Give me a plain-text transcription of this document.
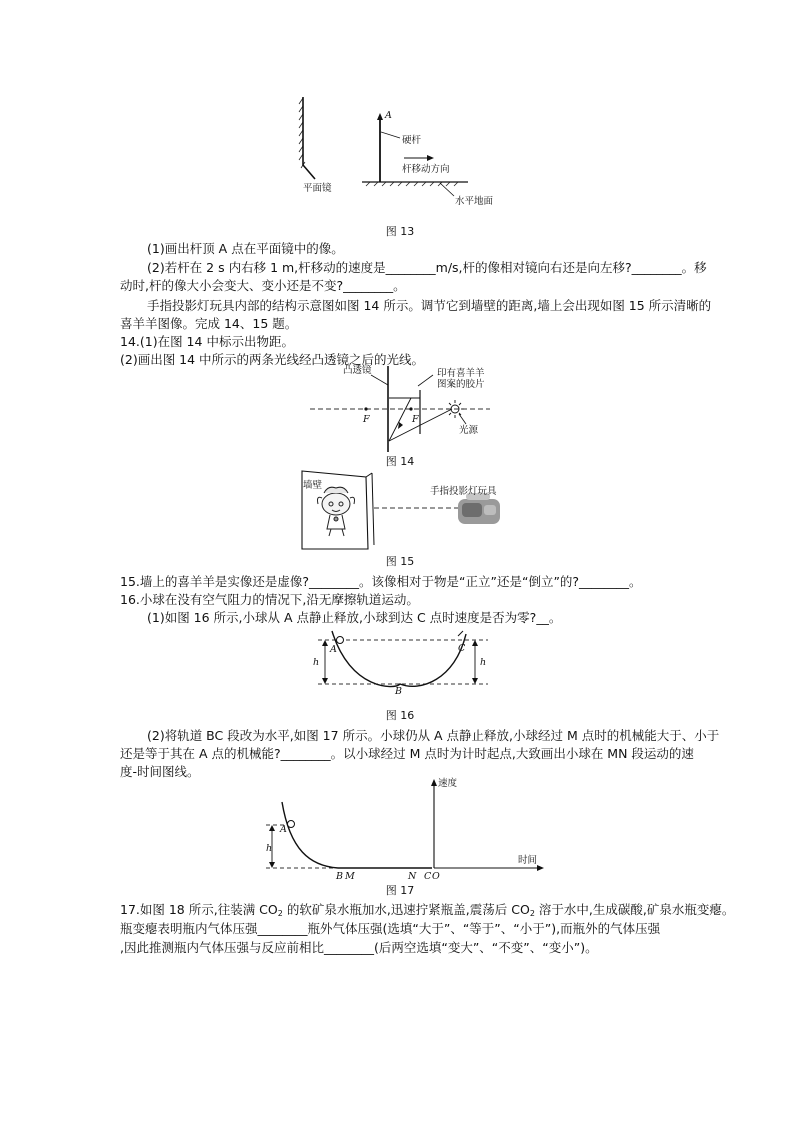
A
硬杆
杆移动方向
平面镜
水平地面
图 13
(1)画出杆顶 A 点在平面镜中的像。
(2)若杆在 2 s 内右移 1 m,杆移动的速度是________m/s,杆的像相对镜向右还是向左移?________。移
动时,杆的像大小会变大、变小还是不变?________。
手指投影灯玩具内部的结构示意图如图 14 所示。调节它到墙壁的距离,墙上会出现如图 15 所示清晰的
喜羊羊图像。完成 14、15 题。
14.(1)在图 14 中标示出物距。
(2)画出图 14 中所示的两条光线经凸透镜之后的光线。
凸透镜	印有喜羊羊
图案的胶片
F	F
光源
图 14
墙壁
手指投影灯玩具
图 15
15.墙上的喜羊羊是实像还是虚像?________。该像相对于物是“正立”还是“倒立”的?________。
16.小球在没有空气阻力的情况下,沿无摩擦轨道运动。
(1)如图 16 所示,小球从 A 点静止释放,小球到达 C 点时速度是否为零?__。
A
B
C
h	h
图 16
(2)将轨道 BC 段改为水平,如图 17 所示。小球仍从 A 点静止释放,小球经过 M 点时的机械能大于、小于
还是等于其在 A 点的机械能?________。以小球经过 M 点时为计时起点,大致画出小球在 MN 段运动的速
度-时间图线。
A
h
B M	N C O
速度
时间
图 17
17.如图 18 所示,往装满 $CO_2$ 的软矿泉水瓶加水,迅速拧紧瓶盖,震荡后 $CO_2$ 溶于水中,生成碳酸,矿泉水瓶变瘪。
瓶变瘪表明瓶内气体压强________瓶外气体压强(选填“大于”、“等于”、“小于”),而瓶外的气体压强
,因此推测瓶内气体压强与反应前相比________(后两空选填“变大”、“不变”、“变小”)。
